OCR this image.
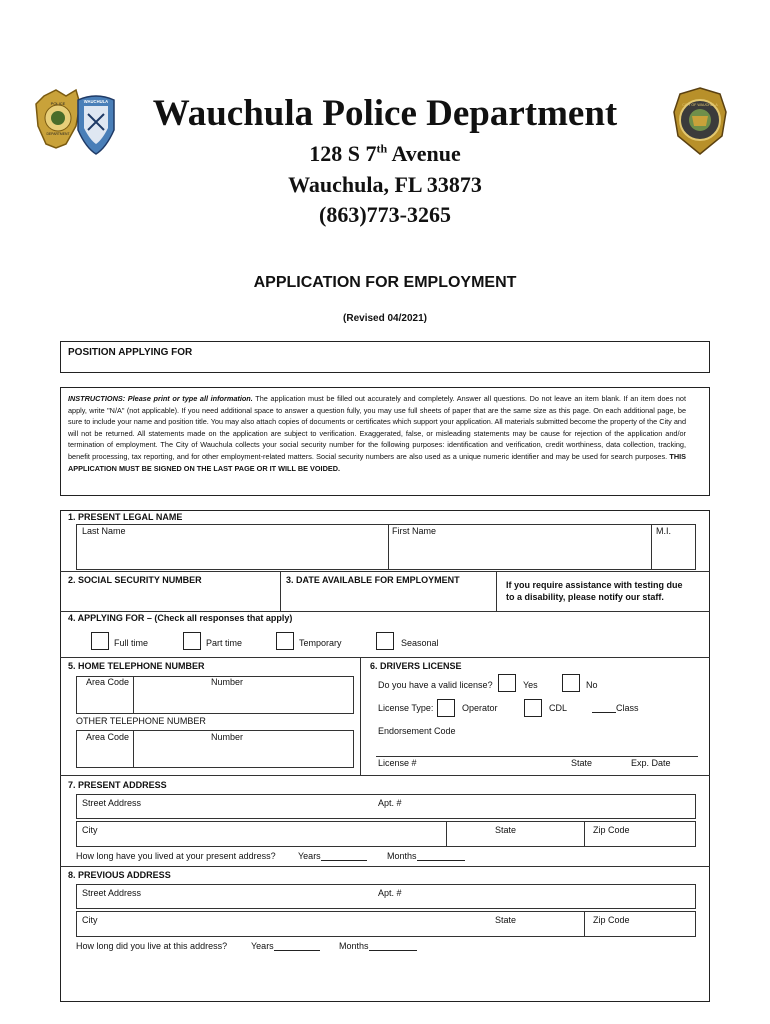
POLICE
DEPARTMENT
WAUCHULA
CITY OF WAUCHULA
Wauchula Police Department
128 S 7th Avenue
Wauchula, FL 33873
(863)773-3265
APPLICATION FOR EMPLOYMENT
(Revised 04/2021)
POSITION APPLYING FOR
INSTRUCTIONS: Please print or type all information. The application must be filled out accurately and completely. Answer all questions. Do not leave an item blank. If an item does not apply, write "N/A" (not applicable). If you need additional space to answer a question fully, you may use full sheets of paper that are the same size as this page. On each additional page, be sure to include your name and position title. You may also attach copies of documents or certificates which support your application. All materials submitted become the property of the City and will not be returned. All statements made on the application are subject to verification. Exaggerated, false, or misleading statements may be cause for rejection of the application and/or termination of employment. The City of Wauchula collects your social security number for the following purposes: identification and verification, credit worthiness, data collection, tracking, benefit processing, tax reporting, and for other employment-related matters. Social security numbers are also used as a unique numeric identifier and may be used for search purposes. THIS APPLICATION MUST BE SIGNED ON THE LAST PAGE OR IT WILL BE VOIDED.
1. PRESENT LEGAL NAME
Last Name	First Name	M.I.
2. SOCIAL SECURITY NUMBER	3. DATE AVAILABLE FOR EMPLOYMENT	If you require assistance with testing due
to a disability, please notify our staff.
4. APPLYING FOR – (Check all responses that apply)
Full time	Part time	Temporary	Seasonal
5. HOME TELEPHONE NUMBER
Area Code	Number
OTHER TELEPHONE NUMBER
Area Code	Number
6. DRIVERS LICENSE
Do you have a valid license?	Yes	No
License Type:	Operator	CDL	Class
Endorsement Code
License #	State	Exp. Date
7. PRESENT ADDRESS
Street Address	Apt. #
City	State	Zip Code
How long have you lived at your present address? Years	Months
8. PREVIOUS ADDRESS
Street Address	Apt. #
City	State	Zip Code
How long did you live at this address?	Years	Months
